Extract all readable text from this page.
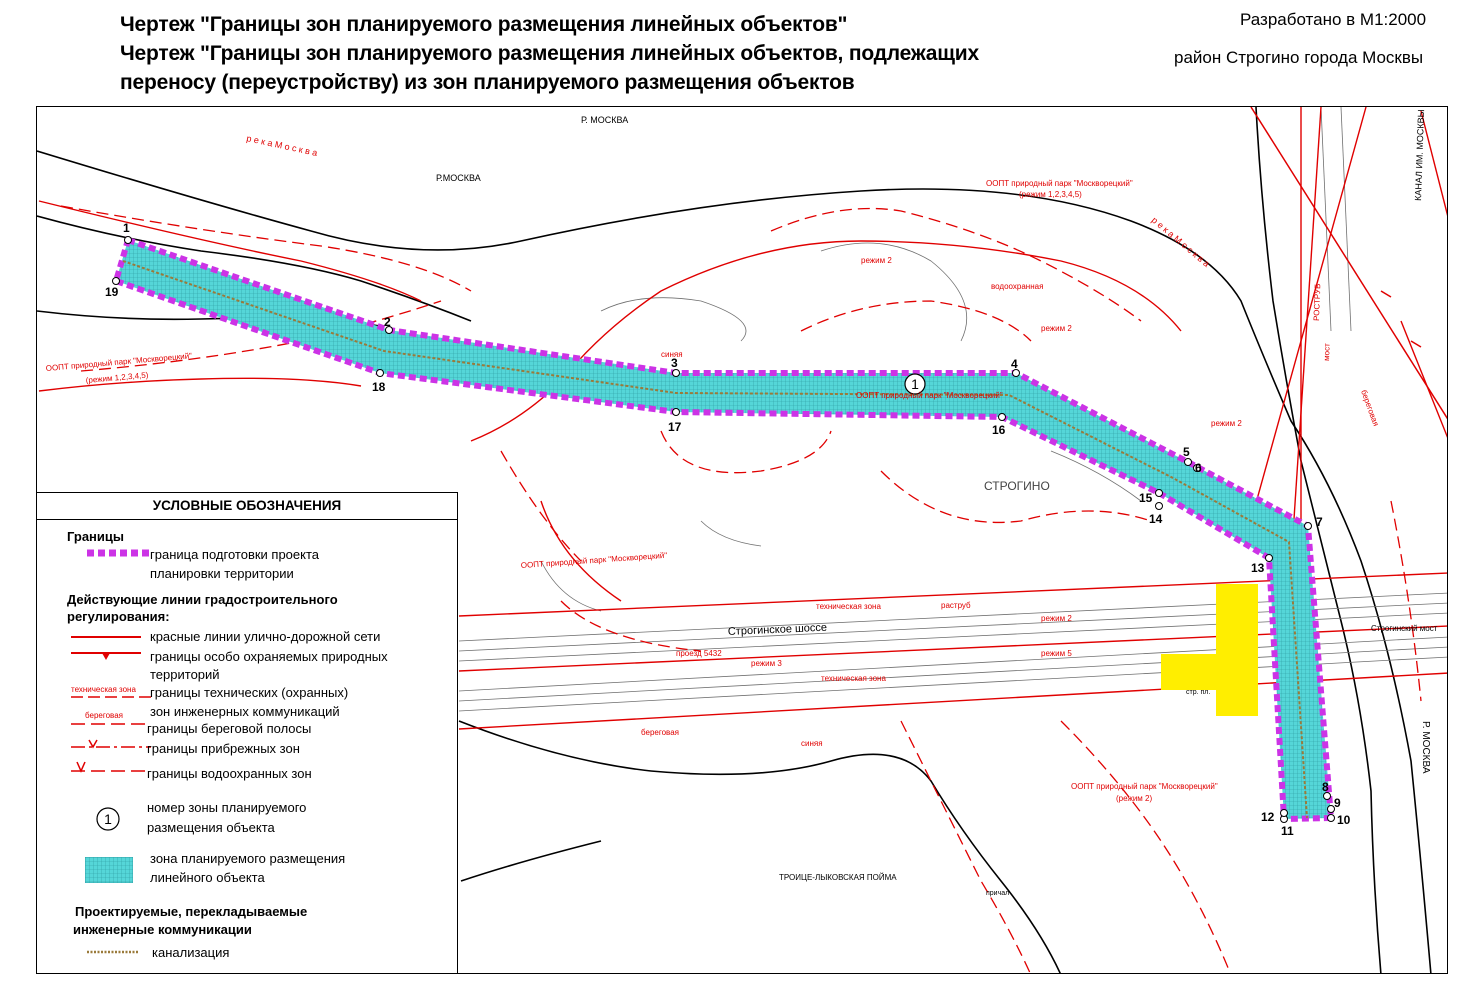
Чертеж "Границы зон планируемого размещения линейных объектов"
Чертеж "Границы зон планируемого размещения линейных объектов, подлежащих
переносу (переустройству) из зон планируемого размещения объектов
Разработано в М1:2000
район Строгино города Москвы
1
1
2
3	4
5
6
7
8
9
10
11
12
13
14
15
16
17
18
19
Р. МОСКВА
Р.МОСКВА
р е к а М о с к в а
р е к а М о с к в а
КАНАЛ ИМ. МОСКВЫ
Р. МОСКВА
ООПТ природный парк "Москворецкий"
(режим 1,2,3,4,5)
ООПТ природный парк "Москворецкий"
(режим 1,2,3,4,5)
ООПТ природный парк "Москворецкий"
ООПТ природный парк "Москворецкий"
ООПТ природный парк "Москворецкий"
(режим 2)
СТРОГИНО
Строгинское шоссе	Строгинский мост
проезд 5432
ТРОИЦЕ-ЛЫКОВСКАЯ ПОЙМА
техническая зона
техническая зона
водоохранная
береговая
береговая
режим 2
режим 2
режим 2
режим 2
режим 5
режим 3
синяя
синяя
раструб
РОСТРУБ
мост
стр. пл.
причал
УСЛОВНЫЕ ОБОЗНАЧЕНИЯ
Границы
граница подготовки проекта
планировки территории
Действующие линии градостроительного
регулирования:
красные линии улично-дорожной сети
границы особо охраняемых природных
территорий
техническая зона границы технических (охранных)
зон инженерных коммуникаций
береговая
границы береговой полосы
границы прибрежных зон
границы водоохранных зон
1
номер зоны планируемого
размещения объекта
зона планируемого размещения
линейного объекта
Проектируемые, перекладываемые
инженерные коммуникации
канализация
